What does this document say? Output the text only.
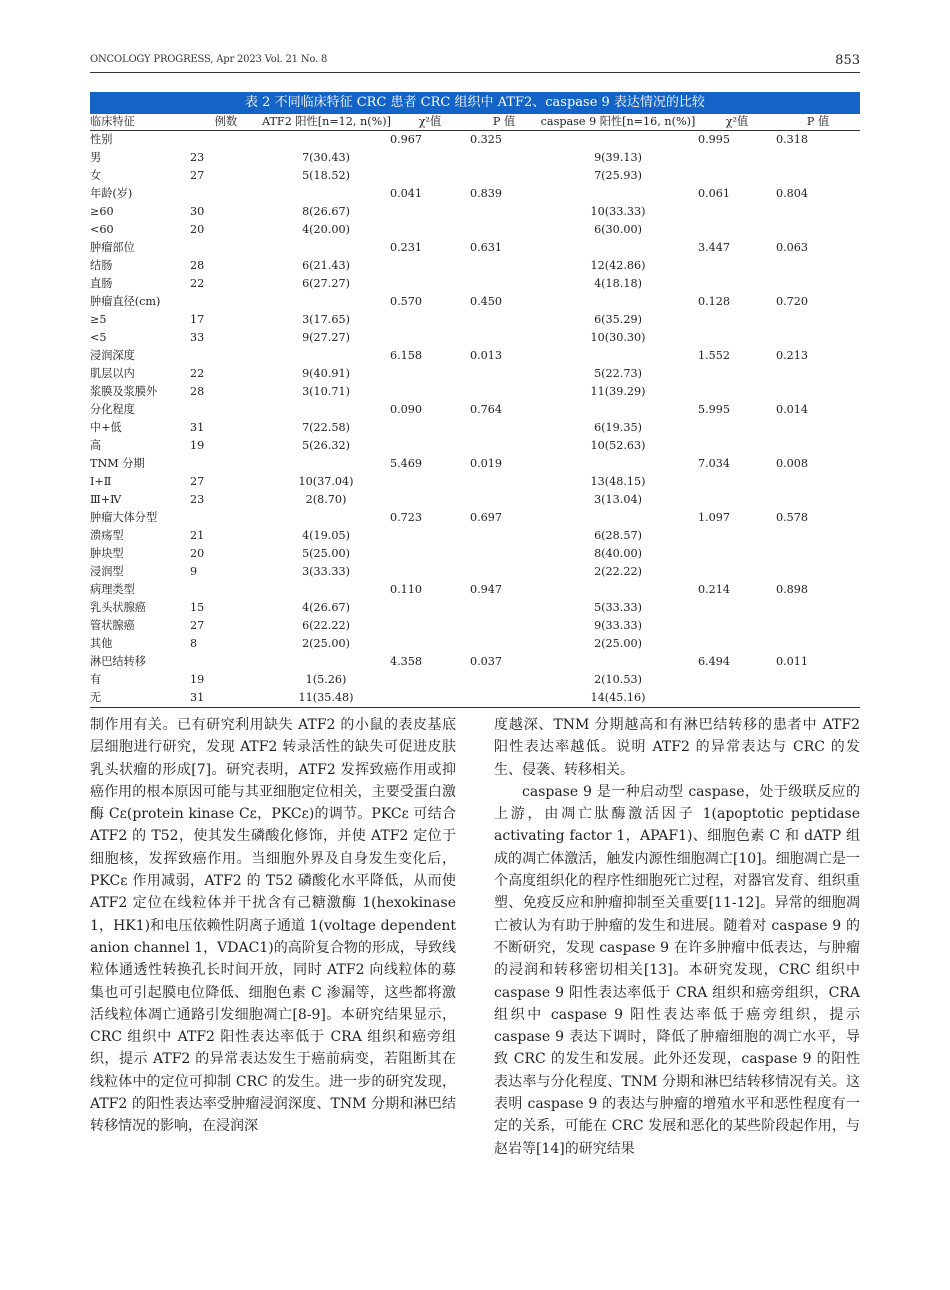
ONCOLOGY PROGRESS, Apr 2023 Vol. 21 No. 8	853
表 2 不同临床特征 CRC 患者 CRC 组织中 ATF2、caspase 9 表达情况的比较
临床特征	例数	ATF2 阳性[n=12, n(%)]	χ²值	P 值	caspase 9 阳性[n=16, n(%)]	χ²值	P 值
性别			0.967	0.325		0.995	0.318
男	23	7(30.43)			9(39.13)		
女	27	5(18.52)			7(25.93)		
年龄(岁)			0.041	0.839		0.061	0.804
≥60	30	8(26.67)			10(33.33)		
<60	20	4(20.00)			6(30.00)		
肿瘤部位			0.231	0.631		3.447	0.063
结肠	28	6(21.43)			12(42.86)		
直肠	22	6(27.27)			4(18.18)		
肿瘤直径(cm)			0.570	0.450		0.128	0.720
≥5	17	3(17.65)			6(35.29)		
<5	33	9(27.27)			10(30.30)		
浸润深度			6.158	0.013		1.552	0.213
肌层以内	22	9(40.91)			5(22.73)		
浆膜及浆膜外	28	3(10.71)			11(39.29)		
分化程度			0.090	0.764		5.995	0.014
中+低	31	7(22.58)			6(19.35)		
高	19	5(26.32)			10(52.63)		
TNM 分期			5.469	0.019		7.034	0.008
Ⅰ+Ⅱ	27	10(37.04)			13(48.15)		
Ⅲ+Ⅳ	23	2(8.70)			3(13.04)		
肿瘤大体分型			0.723	0.697		1.097	0.578
溃疡型	21	4(19.05)			6(28.57)		
肿块型	20	5(25.00)			8(40.00)		
浸润型	9	3(33.33)			2(22.22)		
病理类型			0.110	0.947		0.214	0.898
乳头状腺癌	15	4(26.67)			5(33.33)		
管状腺癌	27	6(22.22)			9(33.33)		
其他	8	2(25.00)			2(25.00)		
淋巴结转移			4.358	0.037		6.494	0.011
有	19	1(5.26)			2(10.53)		
无	31	11(35.48)			14(45.16)		

制作用有关。已有研究利用缺失 ATF2 的小鼠的表皮基底层细胞进行研究，发现 ATF2 转录活性的缺失可促进皮肤乳头状瘤的形成[7]。研究表明，ATF2 发挥致癌作用或抑癌作用的根本原因可能与其亚细胞定位相关，主要受蛋白激酶 Cε(protein kinase Cε，PKCε)的调节。PKCε 可结合 ATF2 的 T52，使其发生磷酸化修饰，并使 ATF2 定位于细胞核，发挥致癌作用。当细胞外界及自身发生变化后，PKCε 作用减弱，ATF2 的 T52 磷酸化水平降低，从而使 ATF2 定位在线粒体并干扰含有己糖激酶 1(hexokinase 1，HK1)和电压依赖性阴离子通道 1(voltage dependent anion channel 1，VDAC1)的高阶复合物的形成，导致线粒体通透性转换孔长时间开放，同时 ATF2 向线粒体的募集也可引起膜电位降低、细胞色素 C 渗漏等，这些都将激活线粒体凋亡通路引发细胞凋亡[8-9]。本研究结果显示，CRC 组织中 ATF2 阳性表达率低于 CRA 组织和癌旁组织，提示 ATF2 的异常表达发生于癌前病变，若阻断其在线粒体中的定位可抑制 CRC 的发生。进一步的研究发现，ATF2 的阳性表达率受肿瘤浸润深度、TNM 分期和淋巴结转移情况的影响，在浸润深

度越深、TNM 分期越高和有淋巴结转移的患者中 ATF2 阳性表达率越低。说明 ATF2 的异常表达与 CRC 的发生、侵袭、转移相关。

caspase 9 是一种启动型 caspase，处于级联反应的上游，由凋亡肽酶激活因子 1(apoptotic peptidase activating factor 1，APAF1)、细胞色素 C 和 dATP 组成的凋亡体激活，触发内源性细胞凋亡[10]。细胞凋亡是一个高度组织化的程序性细胞死亡过程，对器官发育、组织重塑、免疫反应和肿瘤抑制至关重要[11-12]。异常的细胞凋亡被认为有助于肿瘤的发生和进展。随着对 caspase 9 的不断研究，发现 caspase 9 在许多肿瘤中低表达，与肿瘤的浸润和转移密切相关[13]。本研究发现，CRC 组织中 caspase 9 阳性表达率低于 CRA 组织和癌旁组织，CRA 组织中 caspase 9 阳性表达率低于癌旁组织，提示 caspase 9 表达下调时，降低了肿瘤细胞的凋亡水平，导致 CRC 的发生和发展。此外还发现，caspase 9 的阳性表达率与分化程度、TNM 分期和淋巴结转移情况有关。这表明 caspase 9 的表达与肿瘤的增殖水平和恶性程度有一定的关系，可能在 CRC 发展和恶化的某些阶段起作用，与赵岩等[14]的研究结果
